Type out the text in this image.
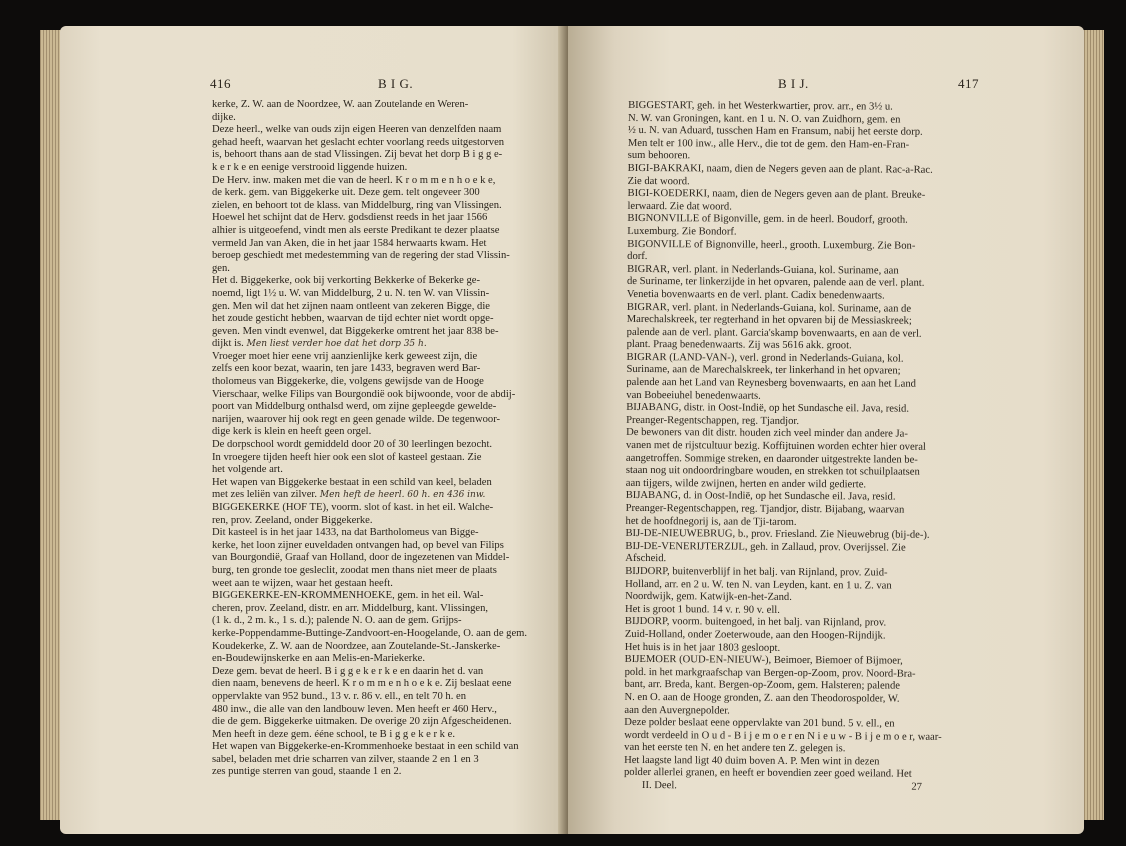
416	B I G.
kerke, Z. W. aan de Noordzee, W. aan Zoutelande en Weren-
dijke.
Deze heerl., welke van ouds zijn eigen Heeren van denzelfden naam
gehad heeft, waarvan het geslacht echter voorlang reeds uitgestorven
is, behoort thans aan de stad Vlissingen. Zij bevat het dorp B i g g e-
k e r k e en eenige verstrooid liggende huizen.
De Herv. inw. maken met die van de heerl. K r o m m e n h o e k e,
de kerk. gem. van Biggekerke uit. Deze gem. telt ongeveer 300
zielen, en behoort tot de klass. van Middelburg, ring van Vlissingen.
Hoewel het schijnt dat de Herv. godsdienst reeds in het jaar 1566
alhier is uitgeoefend, vindt men als eerste Predikant te dezer plaatse
vermeld Jan van Aken, die in het jaar 1584 herwaarts kwam. Het
beroep geschiedt met medestemming van de regering der stad Vlissin-
gen.
Het d. Biggekerke, ook bij verkorting Bekkerke of Bekerke ge-
noemd, ligt 1½ u. W. van Middelburg, 2 u. N. ten W. van Vlissin-
gen. Men wil dat het zijnen naam ontleent van zekeren Bigge, die
het zoude gesticht hebben, waarvan de tijd echter niet wordt opge-
geven. Men vindt evenwel, dat Biggekerke omtrent het jaar 838 be-
dijkt is. Men liest verder hoe dat het dorp 35 h.
Vroeger moet hier eene vrij aanzienlijke kerk geweest zijn, die
zelfs een koor bezat, waarin, ten jare 1433, begraven werd Bar-
tholomeus van Biggekerke, die, volgens gewijsde van de Hooge
Vierschaar, welke Filips van Bourgondië ook bijwoonde, voor de abdij-
poort van Middelburg onthalsd werd, om zijne gepleegde gewelde-
narijen, waarover hij ook regt en geen genade wilde. De tegenwoor-
dige kerk is klein en heeft geen orgel.
De dorpschool wordt gemiddeld door 20 of 30 leerlingen bezocht.
In vroegere tijden heeft hier ook een slot of kasteel gestaan. Zie
het volgende art.
Het wapen van Biggekerke bestaat in een schild van keel, beladen
met zes leliën van zilver. Men heft de heerl. 60 h. en 436 inw.
BIGGEKERKE (HOF TE), voorm. slot of kast. in het eil. Walche-
ren, prov. Zeeland, onder Biggekerke.
Dit kasteel is in het jaar 1433, na dat Bartholomeus van Bigge-
kerke, het loon zijner euveldaden ontvangen had, op bevel van Filips
van Bourgondië, Graaf van Holland, door de ingezetenen van Middel-
burg, ten gronde toe gesleclit, zoodat men thans niet meer de plaats
weet aan te wijzen, waar het gestaan heeft.
BIGGEKERKE-EN-KROMMENHOEKE, gem. in het eil. Wal-
cheren, prov. Zeeland, distr. en arr. Middelburg, kant. Vlissingen,
(1 k. d., 2 m. k., 1 s. d.); palende N. O. aan de gem. Grijps-
kerke-Poppendamme-Buttinge-Zandvoort-en-Hoogelande, O. aan de gem.
Koudekerke, Z. W. aan de Noordzee, aan Zoutelande-St.-Janskerke-
en-Boudewijnskerke en aan Melis-en-Mariekerke.
Deze gem. bevat de heerl. B i g g e k e r k e en daarin het d. van
dien naam, benevens de heerl. K r o m m e n h o e k e. Zij beslaat eene
oppervlakte van 952 bund., 13 v. r. 86 v. ell., en telt 70 h. en
480 inw., die alle van den landbouw leven. Men heeft er 460 Herv.,
die de gem. Biggekerke uitmaken. De overige 20 zijn Afgescheidenen.
Men heeft in deze gem. ééne school, te B i g g e k e r k e.
Het wapen van Biggekerke-en-Krommenhoeke bestaat in een schild van
sabel, beladen met drie scharren van zilver, staande 2 en 1 en 3
zes puntige sterren van goud, staande 1 en 2.
B I J.	417
BIGGESTART, geh. in het Westerkwartier, prov. arr., en 3½ u.
N. W. van Groningen, kant. en 1 u. N. O. van Zuidhorn, gem. en
½ u. N. van Aduard, tusschen Ham en Fransum, nabij het eerste dorp.
Men telt er 100 inw., alle Herv., die tot de gem. den Ham-en-Fran-
sum behooren.
BIGI-BAKRAKI, naam, dien de Negers geven aan de plant. Rac-a-Rac.
Zie dat woord.
BIGI-KOEDERKI, naam, dien de Negers geven aan de plant. Breuke-
lerwaard. Zie dat woord.
BIGNONVILLE of Bigonville, gem. in de heerl. Boudorf, grooth.
Luxemburg. Zie Bondorf.
BIGONVILLE of Bignonville, heerl., grooth. Luxemburg. Zie Bon-
dorf.
BIGRAR, verl. plant. in Nederlands-Guiana, kol. Suriname, aan
de Suriname, ter linkerzijde in het opvaren, palende aan de verl. plant.
Venetia bovenwaarts en de verl. plant. Cadix benedenwaarts.
BIGRAR, verl. plant. in Nederlands-Guiana, kol. Suriname, aan de
Marechalskreek, ter regterhand in het opvaren bij de Messiaskreek;
palende aan de verl. plant. Garcia'skamp bovenwaarts, en aan de verl.
plant. Praag benedenwaarts. Zij was 5616 akk. groot.
BIGRAR (LAND-VAN-), verl. grond in Nederlands-Guiana, kol.
Suriname, aan de Marechalskreek, ter linkerhand in het opvaren;
palende aan het Land van Reynesberg bovenwaarts, en aan het Land
van Bobeeiuhel benedenwaarts.
BIJABANG, distr. in Oost-Indië, op het Sundasche eil. Java, resid.
Preanger-Regentschappen, reg. Tjandjor.
De bewoners van dit distr. houden zich veel minder dan andere Ja-
vanen met de rijstcultuur bezig. Koffijtuinen worden echter hier overal
aangetroffen. Sommige streken, en daaronder uitgestrekte landen be-
staan nog uit ondoordringbare wouden, en strekken tot schuilplaatsen
aan tijgers, wilde zwijnen, herten en ander wild gedierte.
BIJABANG, d. in Oost-Indië, op het Sundasche eil. Java, resid.
Preanger-Regentschappen, reg. Tjandjor, distr. Bijabang, waarvan
het de hoofdnegorij is, aan de Tji-tarom.
BIJ-DE-NIEUWEBRUG, b., prov. Friesland. Zie Nieuwebrug (bij-de-).
BIJ-DE-VENERIJTERZIJL, geh. in Zallaud, prov. Overijssel. Zie
Afscheid.
BIJDORP, buitenverblijf in het balj. van Rijnland, prov. Zuid-
Holland, arr. en 2 u. W. ten N. van Leyden, kant. en 1 u. Z. van
Noordwijk, gem. Katwijk-en-het-Zand.
Het is groot 1 bund. 14 v. r. 90 v. ell.
BIJDORP, voorm. buitengoed, in het balj. van Rijnland, prov.
Zuid-Holland, onder Zoeterwoude, aan den Hoogen-Rijndijk.
Het huis is in het jaar 1803 gesloopt.
BIJEMOER (OUD-EN-NIEUW-), Beimoer, Biemoer of Bijmoer,
pold. in het markgraafschap van Bergen-op-Zoom, prov. Noord-Bra-
bant, arr. Breda, kant. Bergen-op-Zoom, gem. Halsteren; palende
N. en O. aan de Hooge gronden, Z. aan den Theodorospolder, W.
aan den Auvergnepolder.
Deze polder beslaat eene oppervlakte van 201 bund. 5 v. ell., en
wordt verdeeld in O u d - B i j e m o e r en N i e u w - B i j e m o e r, waar-
van het eerste ten N. en het andere ten Z. gelegen is.
Het laagste land ligt 40 duim boven A. P. Men wint in dezen
polder allerlei granen, en heeft er bovendien zeer goed weiland. Het
II. Deel.	27
